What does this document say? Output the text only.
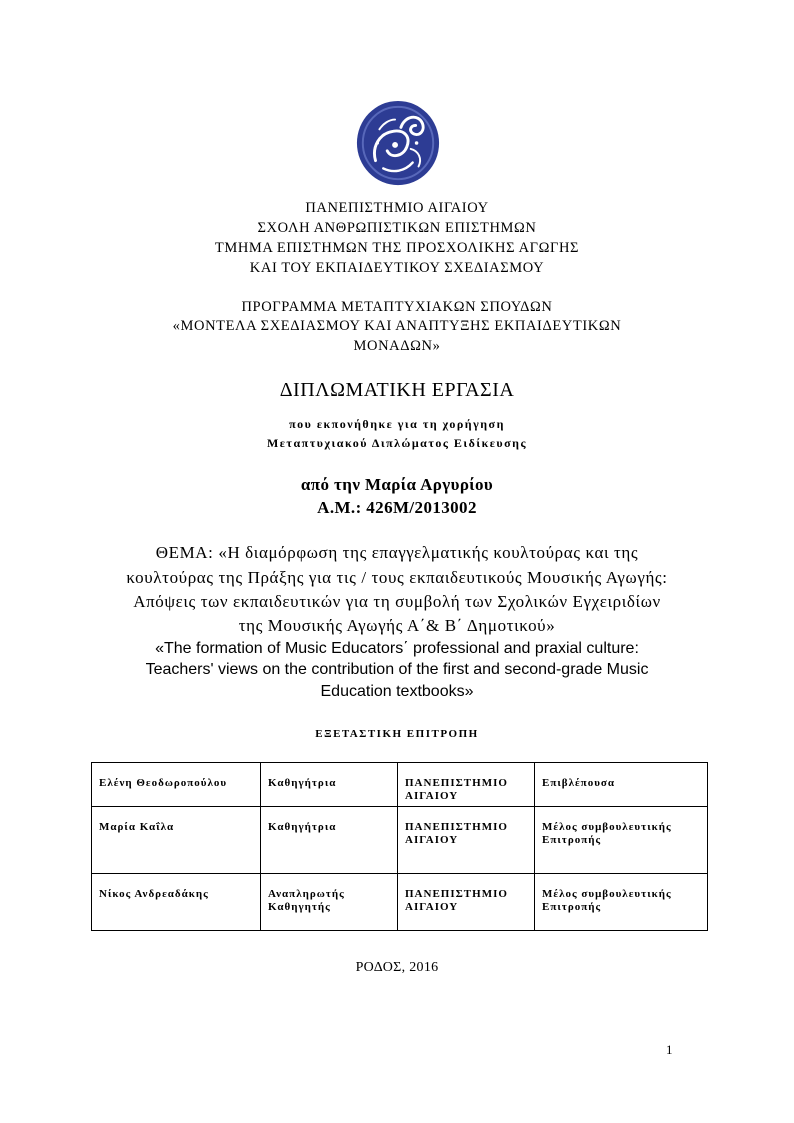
ΠΑΝΕΠΙΣΤΗΜΙΟ ΑΙΓΑΙΟΥ
ΣΧΟΛΗ ΑΝΘΡΩΠΙΣΤΙΚΩΝ ΕΠΙΣΤΗΜΩΝ
ΤΜΗΜΑ ΕΠΙΣΤΗΜΩΝ ΤΗΣ ΠΡΟΣΧΟΛΙΚΗΣ ΑΓΩΓΗΣ
ΚΑΙ ΤΟΥ ΕΚΠΑΙΔΕΥΤΙΚΟΥ ΣΧΕΔΙΑΣΜΟΥ
ΠΡΟΓΡΑΜΜΑ ΜΕΤΑΠΤΥΧΙΑΚΩΝ ΣΠΟΥΔΩΝ
«ΜΟΝΤΕΛΑ ΣΧΕΔΙΑΣΜΟΥ ΚΑΙ ΑΝΑΠΤΥΞΗΣ ΕΚΠΑΙΔΕΥΤΙΚΩΝ
ΜΟΝΑΔΩΝ»
ΔΙΠΛΩΜΑΤΙΚΗ ΕΡΓΑΣΙΑ
που εκπονήθηκε για τη χορήγηση
Μεταπτυχιακού Διπλώματος Ειδίκευσης
από την Μαρία Αργυρίου
Α.Μ.: 426Μ/2013002
ΘΕΜΑ: «Η διαμόρφωση της επαγγελματικής κουλτούρας και της
κουλτούρας της Πράξης για τις / τους εκπαιδευτικούς Μουσικής Αγωγής:
Απόψεις των εκπαιδευτικών για τη συμβολή των Σχολικών Εγχειριδίων
της Μουσικής Αγωγής Α΄& Β΄ Δημοτικού»
«The formation of Music Educators΄ professional and praxial culture:
Teachers' views on the contribution of the first and second-grade Music
Education textbooks»
ΕΞΕΤΑΣΤΙΚΗ ΕΠΙΤΡΟΠΗ
Ελένη Θεοδωροπούλου	Καθηγήτρια	ΠΑΝΕΠΙΣΤΗΜΙΟ ΑΙΓΑΙΟΥ	Επιβλέπουσα
Μαρία Καΐλα	Καθηγήτρια	ΠΑΝΕΠΙΣΤΗΜΙΟ ΑΙΓΑΙΟΥ	Μέλος συμβουλευτικής Επιτροπής
Νίκος Ανδρεαδάκης	Αναπληρωτής Καθηγητής	ΠΑΝΕΠΙΣΤΗΜΙΟ ΑΙΓΑΙΟΥ	Μέλος συμβουλευτικής Επιτροπής
ΡΟΔΟΣ, 2016
1
